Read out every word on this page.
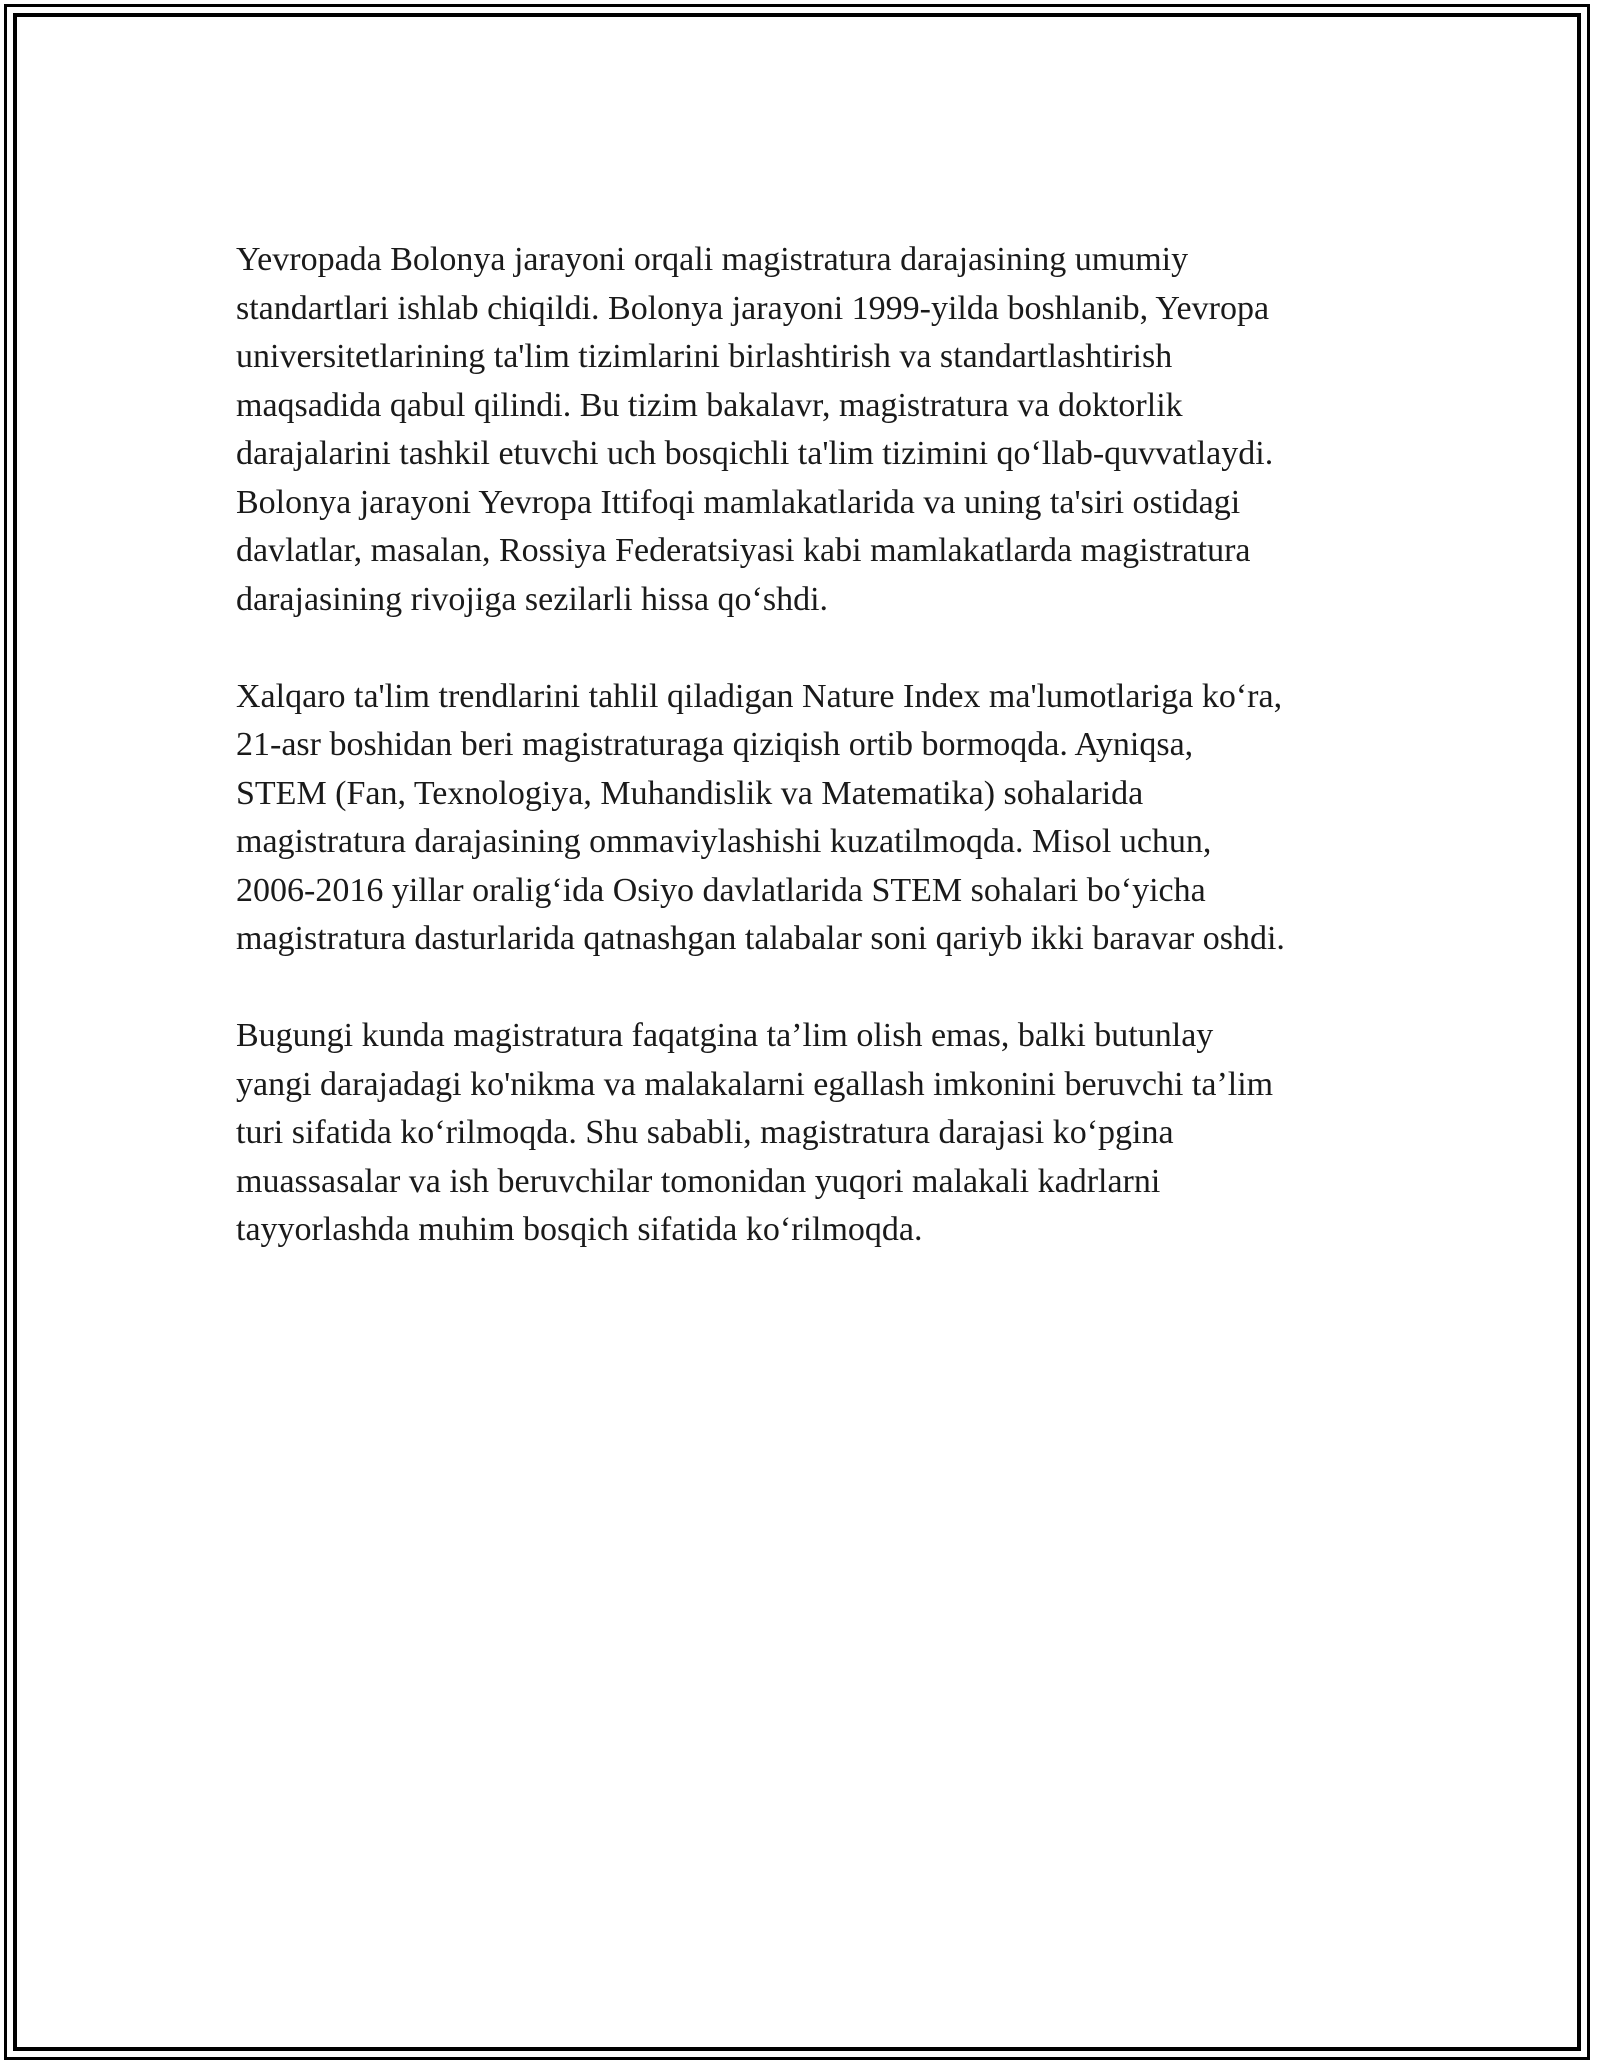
Yevropada Bolonya jarayoni orqali magistratura darajasining umumiy
standartlari ishlab chiqildi. Bolonya jarayoni 1999-yilda boshlanib, Yevropa
universitetlarining ta'lim tizimlarini birlashtirish va standartlashtirish
maqsadida qabul qilindi. Bu tizim bakalavr, magistratura va doktorlik
darajalarini tashkil etuvchi uch bosqichli ta'lim tizimini qo‘llab-quvvatlaydi.
Bolonya jarayoni Yevropa Ittifoqi mamlakatlarida va uning ta'siri ostidagi
davlatlar, masalan, Rossiya Federatsiyasi kabi mamlakatlarda magistratura
darajasining rivojiga sezilarli hissa qo‘shdi.

Xalqaro ta'lim trendlarini tahlil qiladigan Nature Index ma'lumotlariga ko‘ra,
21-asr boshidan beri magistraturaga qiziqish ortib bormoqda. Ayniqsa,
STEM (Fan, Texnologiya, Muhandislik va Matematika) sohalarida
magistratura darajasining ommaviylashishi kuzatilmoqda. Misol uchun,
2006-2016 yillar oralig‘ida Osiyo davlatlarida STEM sohalari bo‘yicha
magistratura dasturlarida qatnashgan talabalar soni qariyb ikki baravar oshdi.

Bugungi kunda magistratura faqatgina ta’lim olish emas, balki butunlay
yangi darajadagi ko'nikma va malakalarni egallash imkonini beruvchi ta’lim
turi sifatida ko‘rilmoqda. Shu sababli, magistratura darajasi ko‘pgina
muassasalar va ish beruvchilar tomonidan yuqori malakali kadrlarni
tayyorlashda muhim bosqich sifatida ko‘rilmoqda.
